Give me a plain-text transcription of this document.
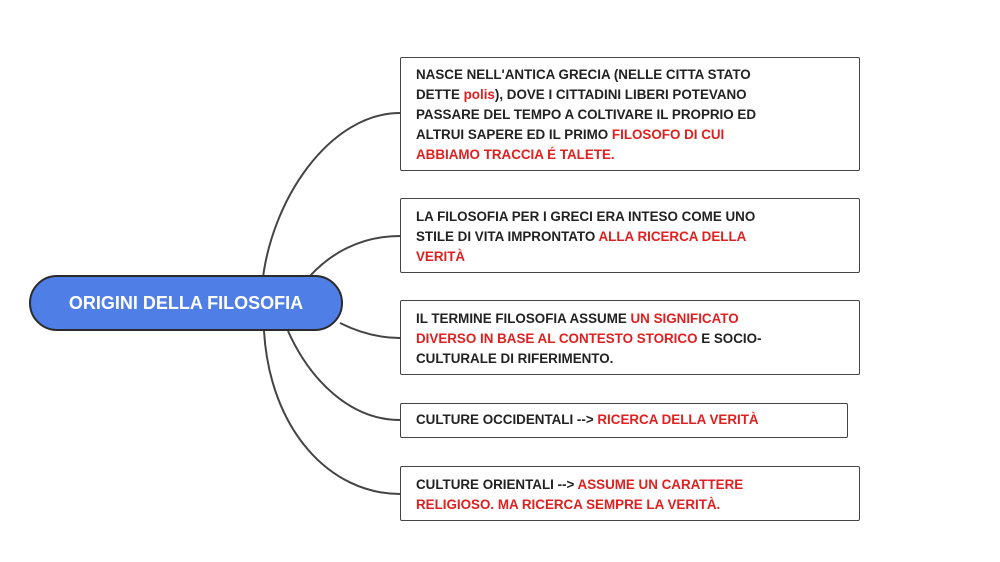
ORIGINI DELLA FILOSOFIA

NASCE NELL'ANTICA GRECIA (NELLE CITTA STATO

DETTE polis), DOVE I CITTADINI LIBERI POTEVANO

PASSARE DEL TEMPO A COLTIVARE IL PROPRIO ED

ALTRUI SAPERE ED IL PRIMO FILOSOFO DI CUI

ABBIAMO TRACCIA É TALETE.

LA FILOSOFIA PER I GRECI ERA INTESO COME UNO

STILE DI VITA IMPRONTATO ALLA RICERCA DELLA

VERITÀ

IL TERMINE FILOSOFIA ASSUME UN SIGNIFICATO

DIVERSO IN BASE AL CONTESTO STORICO E SOCIO-

CULTURALE DI RIFERIMENTO.

CULTURE OCCIDENTALI --> RICERCA DELLA VERITÀ

CULTURE ORIENTALI --> ASSUME UN CARATTERE

RELIGIOSO. MA RICERCA SEMPRE LA VERITÀ.
